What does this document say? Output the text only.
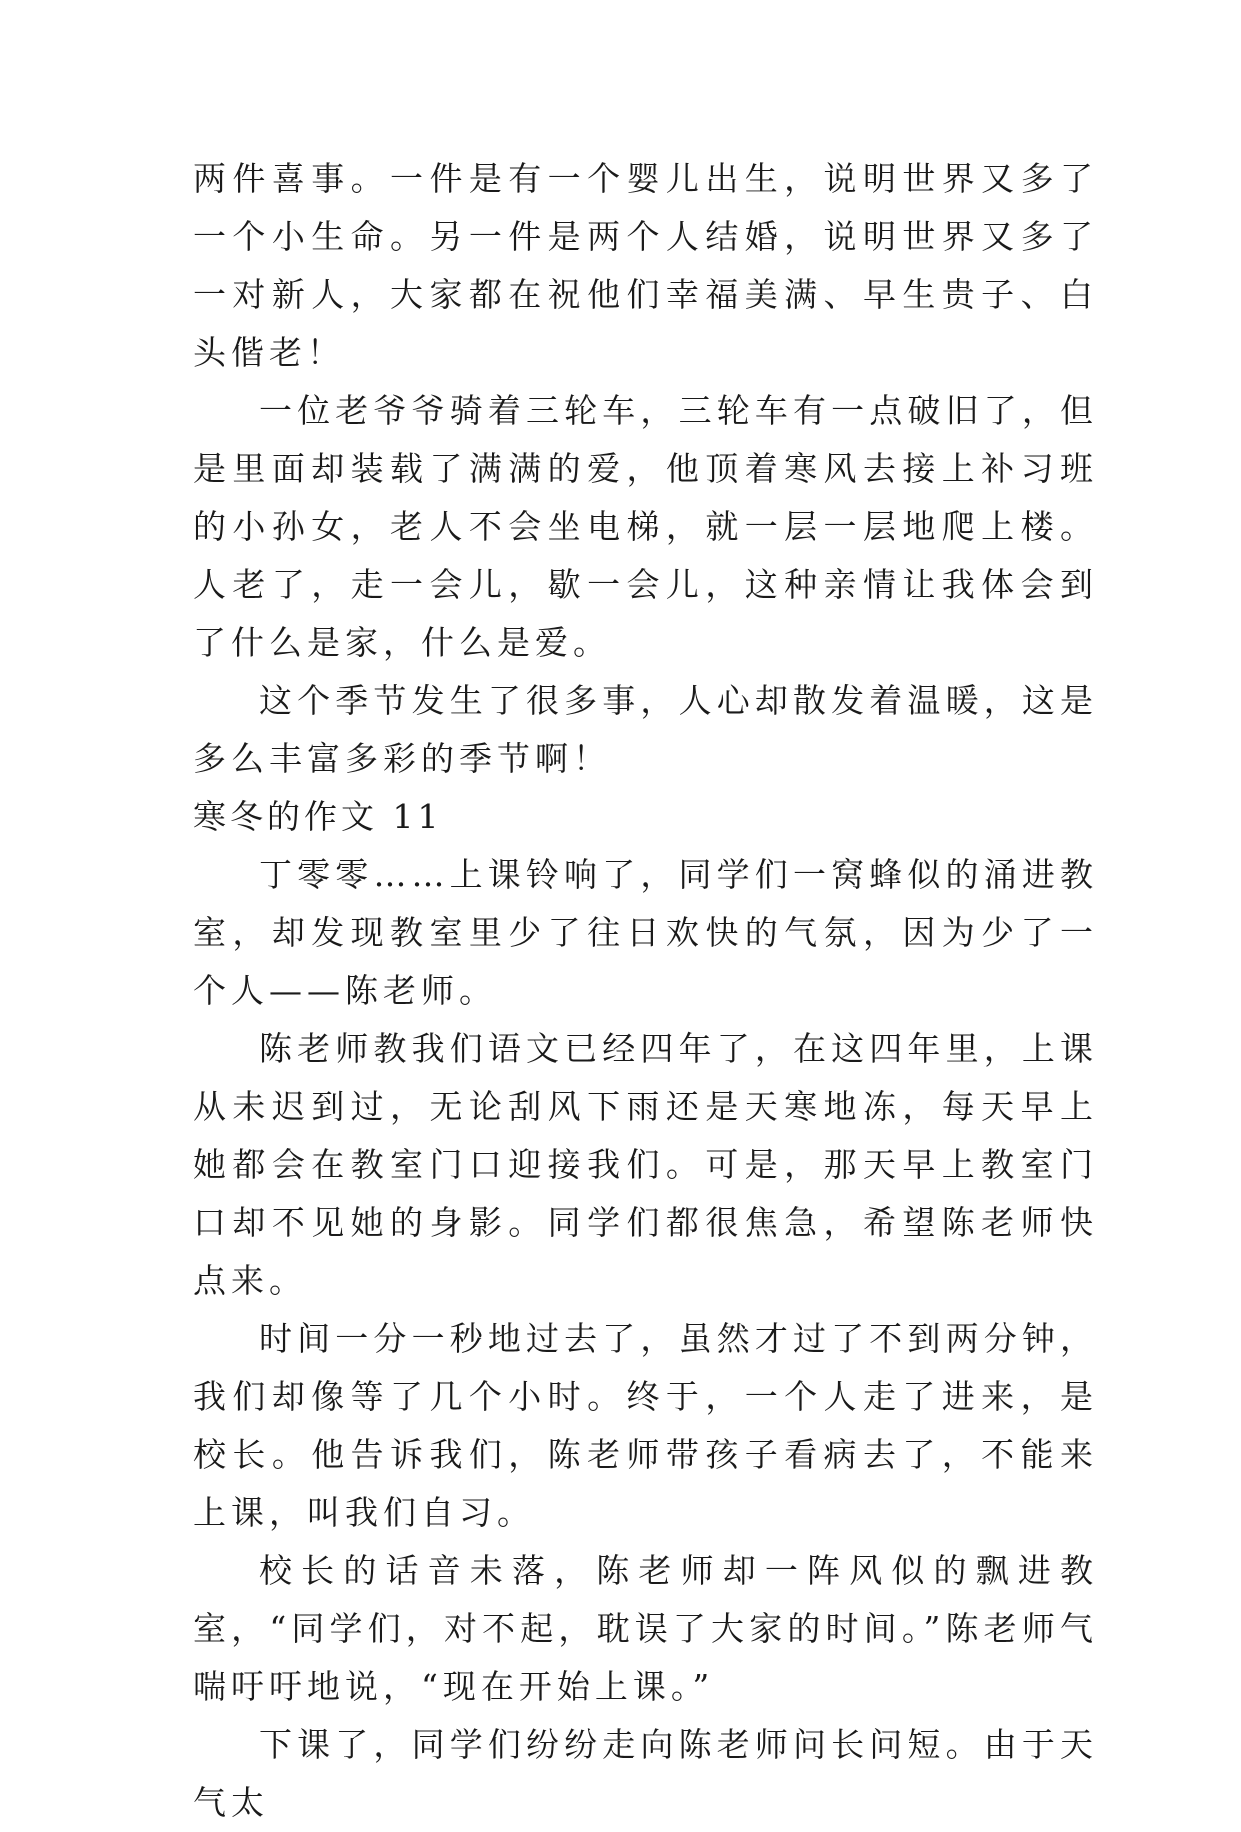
两件喜事。一件是有一个婴儿出生，说明世界又多了一个小生命。另一件是两个人结婚，说明世界又多了一对新人，大家都在祝他们幸福美满、早生贵子、白头偕老！

一位老爷爷骑着三轮车，三轮车有一点破旧了，但是里面却装载了满满的爱，他顶着寒风去接上补习班的小孙女，老人不会坐电梯，就一层一层地爬上楼。人老了，走一会儿，歇一会儿，这种亲情让我体会到了什么是家，什么是爱。

这个季节发生了很多事，人心却散发着温暖，这是多么丰富多彩的季节啊！

寒冬的作文 11

丁零零……上课铃响了，同学们一窝蜂似的涌进教室，却发现教室里少了往日欢快的气氛，因为少了一个人——陈老师。

陈老师教我们语文已经四年了，在这四年里，上课从未迟到过，无论刮风下雨还是天寒地冻，每天早上她都会在教室门口迎接我们。可是，那天早上教室门口却不见她的身影。同学们都很焦急，希望陈老师快点来。

时间一分一秒地过去了，虽然才过了不到两分钟，我们却像等了几个小时。终于，一个人走了进来，是校长。他告诉我们，陈老师带孩子看病去了，不能来上课，叫我们自习。

校长的话音未落，陈老师却一阵风似的飘进教室，“同学们，对不起，耽误了大家的时间。”陈老师气喘吁吁地说，“现在开始上课。”

下课了，同学们纷纷走向陈老师问长问短。由于天气太
